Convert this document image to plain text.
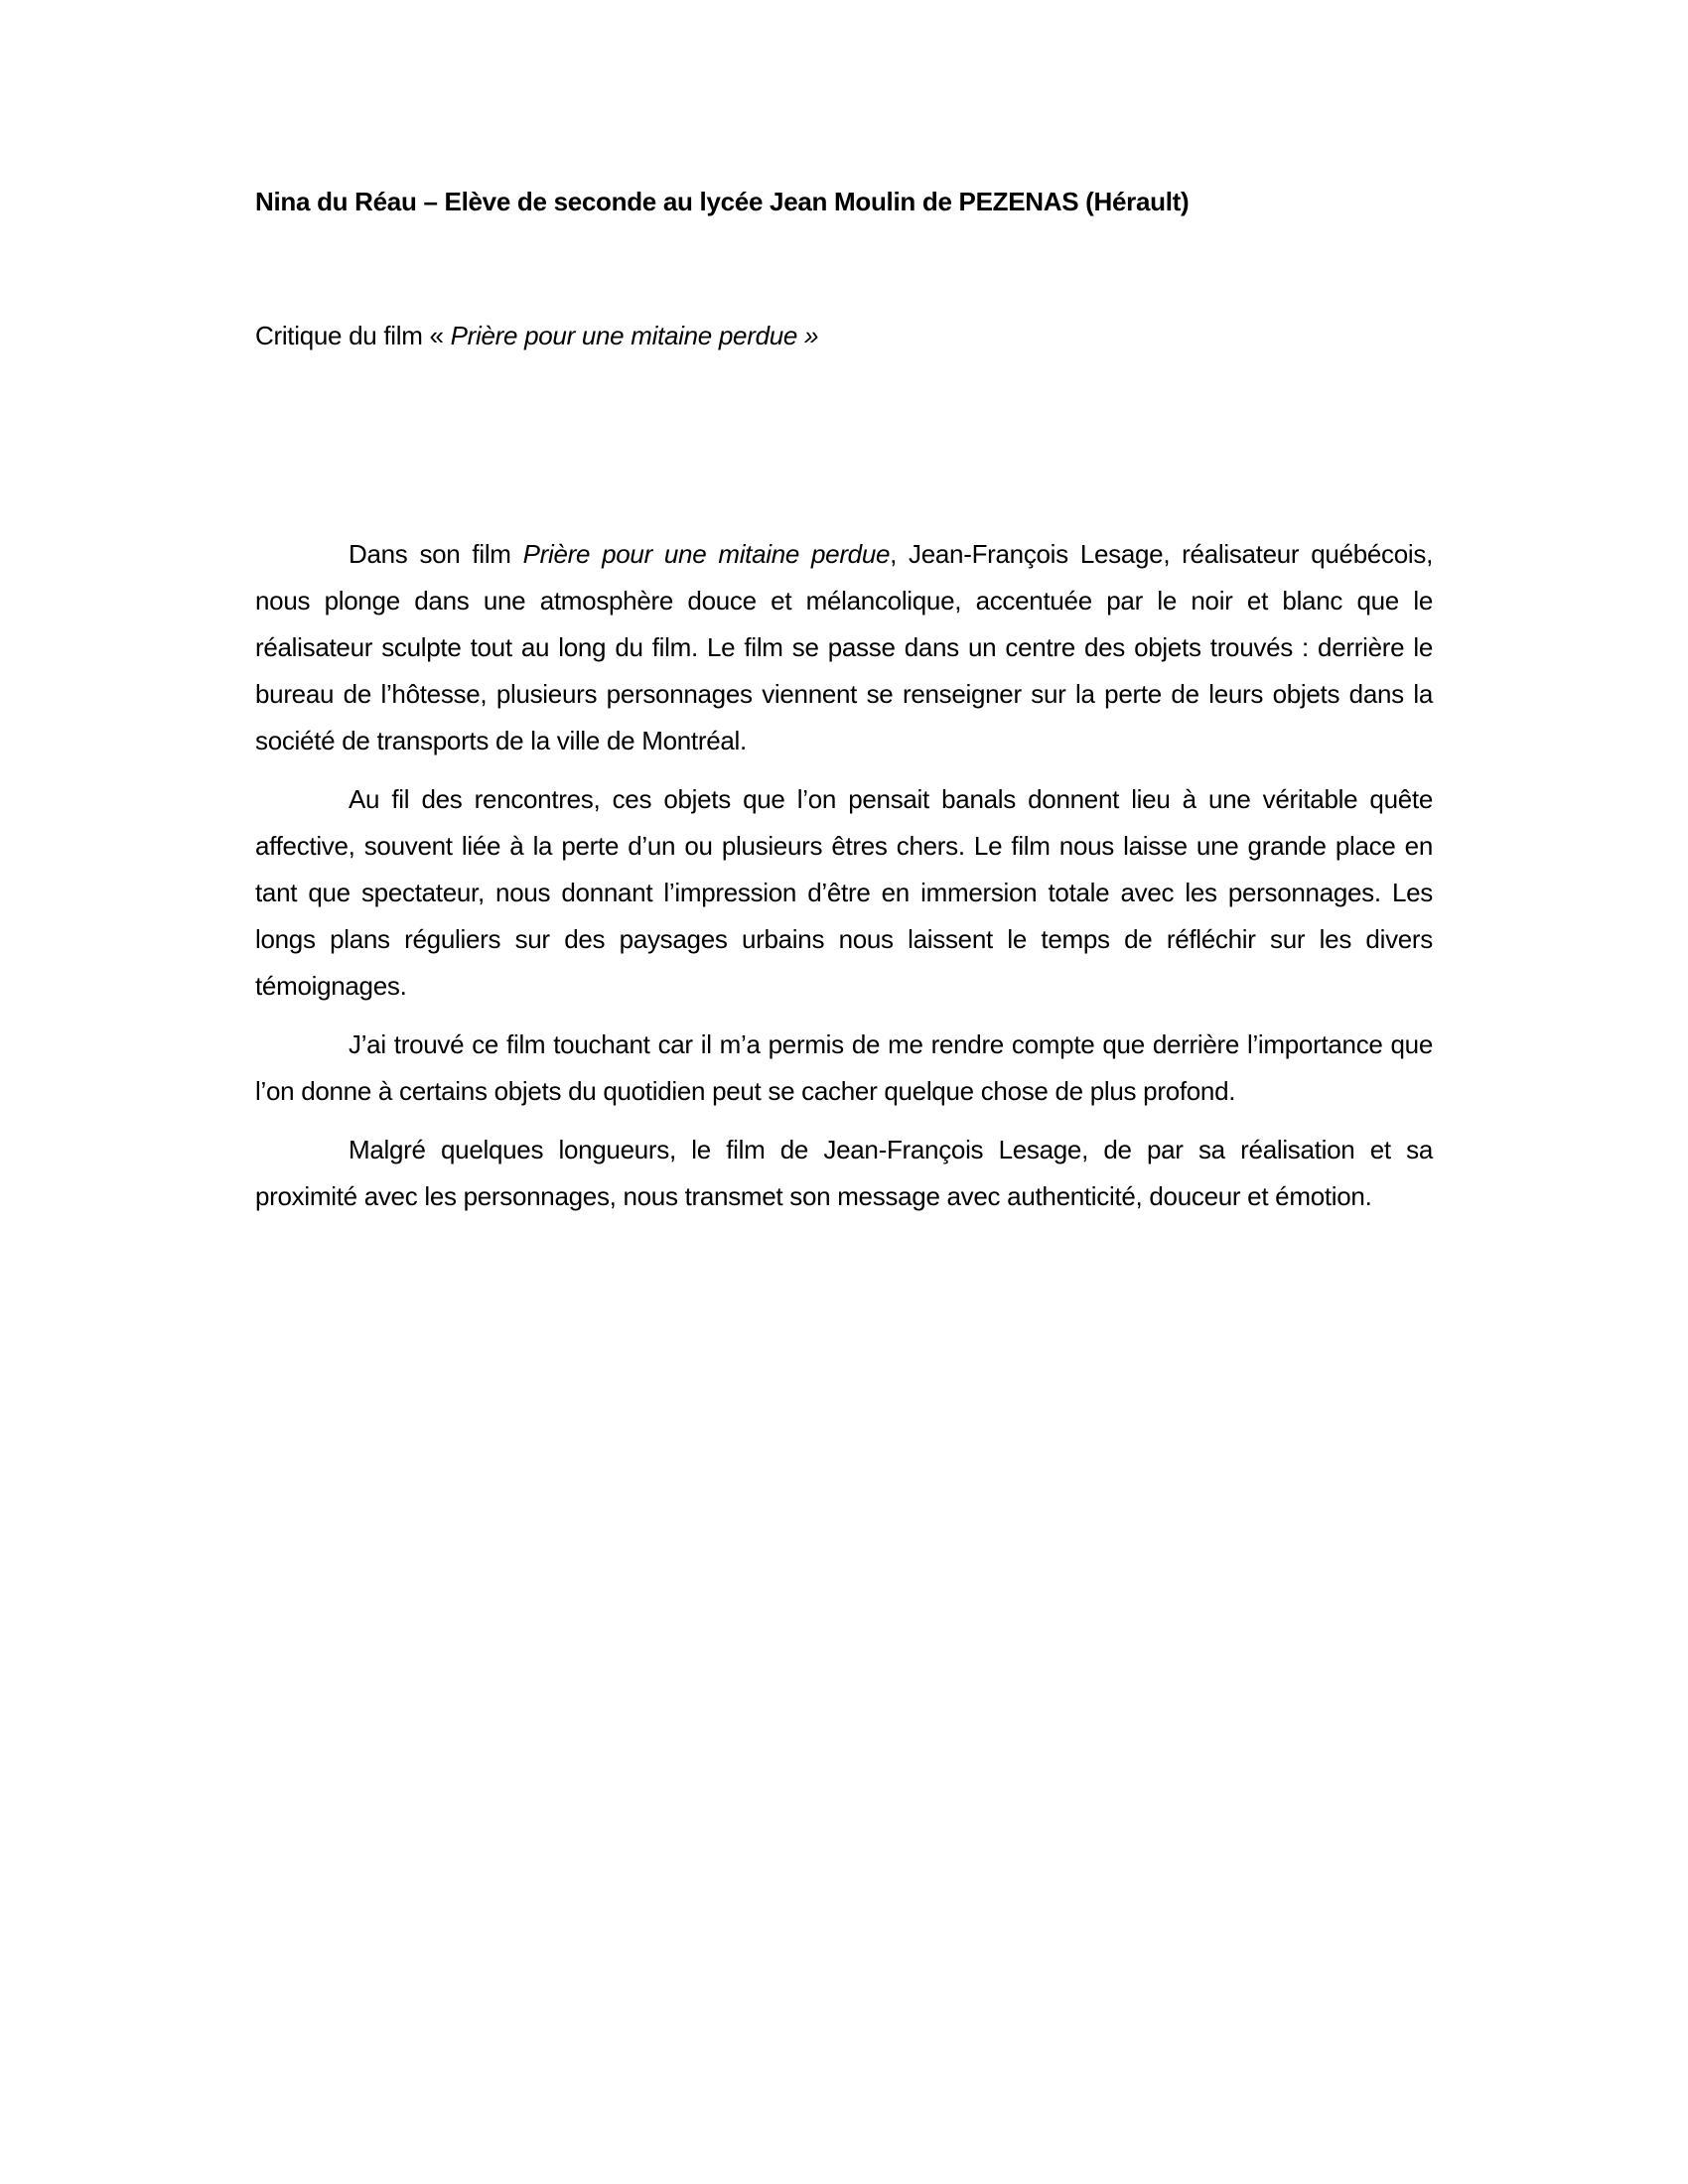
Nina du Réau – Elève de seconde au lycée Jean Moulin de PEZENAS (Hérault)

Critique du film « Prière pour une mitaine perdue »

Dans son film Prière pour une mitaine perdue, Jean-François Lesage, réalisateur québécois, nous plonge dans une atmosphère douce et mélancolique, accentuée par le noir et blanc que le réalisateur sculpte tout au long du film. Le film se passe dans un centre des objets trouvés : derrière le bureau de l’hôtesse, plusieurs personnages viennent se renseigner sur la perte de leurs objets dans la société de transports de la ville de Montréal.

Au fil des rencontres, ces objets que l’on pensait banals donnent lieu à une véritable quête affective, souvent liée à la perte d’un ou plusieurs êtres chers. Le film nous laisse une grande place en tant que spectateur, nous donnant l’impression d’être en immersion totale avec les personnages. Les longs plans réguliers sur des paysages urbains nous laissent le temps de réfléchir sur les divers témoignages.

J’ai trouvé ce film touchant car il m’a permis de me rendre compte que derrière l’importance que l’on donne à certains objets du quotidien peut se cacher quelque chose de plus profond.

Malgré quelques longueurs, le film de Jean-François Lesage, de par sa réalisation et sa proximité avec les personnages, nous transmet son message avec authenticité, douceur et émotion.
